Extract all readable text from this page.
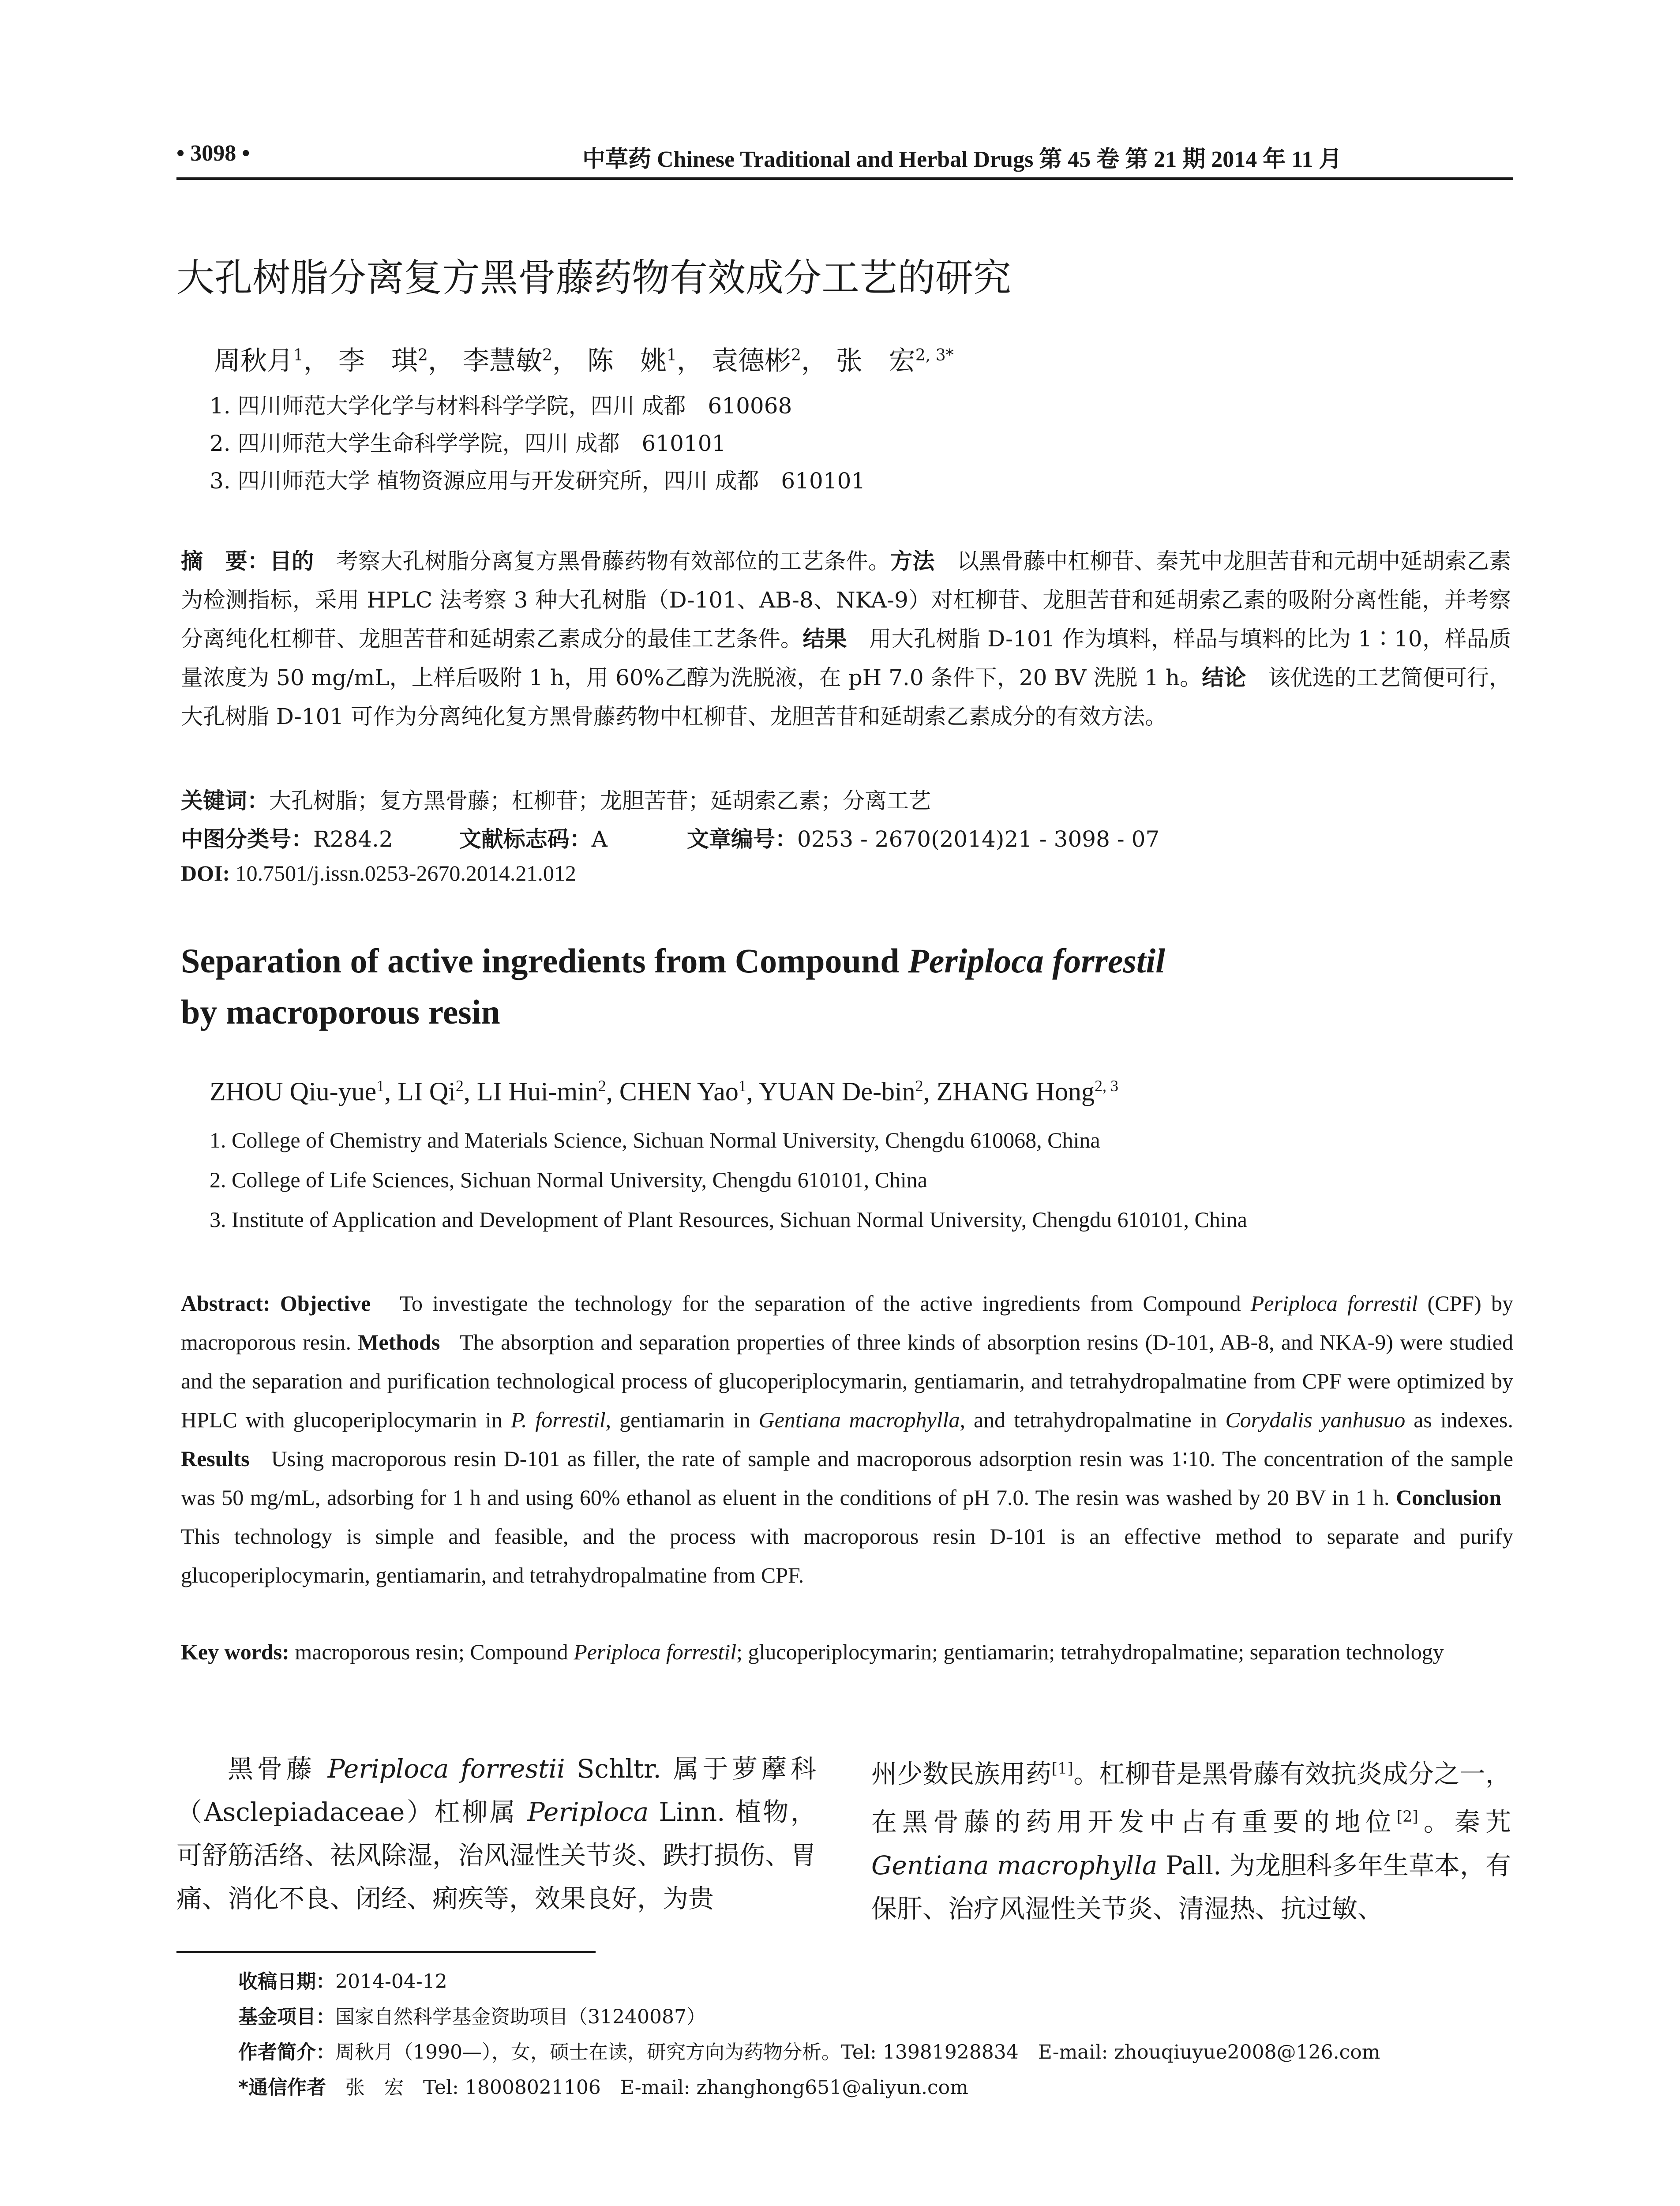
• 3098 •	中草药 Chinese Traditional and Herbal Drugs 第 45 卷 第 21 期 2014 年 11 月
大孔树脂分离复方黑骨藤药物有效成分工艺的研究
周秋月$^1$， 李　琪$^2$， 李慧敏$^2$， 陈　姚$^1$， 袁德彬$^2$， 张　宏$^{2, 3*}$
1. 四川师范大学化学与材料科学学院，四川 成都　610068
2. 四川师范大学生命科学学院，四川 成都　610101
3. 四川师范大学 植物资源应用与开发研究所，四川 成都　610101
摘　要：目的　 考察大孔树脂分离复方黑骨藤药物有效部位的工艺条件。方法　 以黑骨藤中杠柳苷、秦艽中龙胆苦苷和元胡中延胡索乙素为检测指标，采用 HPLC 法考察 3 种大孔树脂（D-101、AB-8、NKA-9）对杠柳苷、龙胆苦苷和延胡索乙素的吸附分离性能，并考察分离纯化杠柳苷、龙胆苦苷和延胡索乙素成分的最佳工艺条件。结果　 用大孔树脂 D-101 作为填料，样品与填料的比为 1∶10，样品质量浓度为 50 mg/mL，上样后吸附 1 h，用 60%乙醇为洗脱液，在 pH 7.0 条件下，20 BV 洗脱 1 h。结论　 该优选的工艺简便可行，大孔树脂 D-101 可作为分离纯化复方黑骨藤药物中杠柳苷、龙胆苦苷和延胡索乙素成分的有效方法。
关键词：大孔树脂；复方黑骨藤；杠柳苷；龙胆苦苷；延胡索乙素；分离工艺
中图分类号：R284.2	文献标志码：A	文章编号：0253 - 2670(2014)21 - 3098 - 07
DOI: 10.7501/j.issn.0253-2670.2014.21.012
Separation of active ingredients from Compound Periploca forrestil
by macroporous resin
ZHOU Qiu-yue$^1$, LI Qi$^2$, LI Hui-$\min^2$, CHEN Yao$^1$, YUAN De-bin$^2$, ZHANG Hong$^{2, 3}$
1. College of Chemistry and Materials Science, Sichuan Normal University, Chengdu 610068, China
2. College of Life Sciences, Sichuan Normal University, Chengdu 610101, China
3. Institute of Application and Development of Plant Resources, Sichuan Normal University, Chengdu 610101, China
Abstract: Objective To investigate the technology for the separation of the active ingredients from Compound Periploca forrestil (CPF) by macroporous resin. Methods The absorption and separation properties of three kinds of absorption resins (D-101, AB-8, and NKA-9) were studied and the separation and purification technological process of glucoperiplocymarin, gentiamarin, and tetrahydropalmatine from CPF were optimized by HPLC with glucoperiplocymarin in P. forrestil, gentiamarin in Gentiana macrophylla, and tetrahydropalmatine in Corydalis yanhusuo as indexes. Results Using macroporous resin D-101 as filler, the rate of sample and macroporous adsorption resin was 1∶10. The concentration of the sample was 50 mg/mL, adsorbing for 1 h and using 60% ethanol as eluent in the conditions of pH 7.0. The resin was washed by 20 BV in 1 h. Conclusion   This technology is simple and feasible, and the process with macroporous resin D-101 is an effective method to separate and purify glucoperiplocymarin, gentiamarin, and tetrahydropalmatine from CPF.
Key words: macroporous resin; Compound Periploca forrestil; glucoperiplocymarin; gentiamarin; tetrahydropalmatine; separation technology
黑骨藤 Periploca forrestii Schltr. 属于萝藦科（Asclepiadaceae）杠柳属 Periploca Linn. 植物，可舒筋活络、祛风除湿，治风湿性关节炎、跌打损伤、胃痛、消化不良、闭经、痢疾等，效果良好，为贵
州少数民族用药[1]。杠柳苷是黑骨藤有效抗炎成分之一，在黑骨藤的药用开发中占有重要的地位[2]。秦艽 Gentiana macrophylla Pall. 为龙胆科多年生草本，有保肝、治疗风湿性关节炎、清湿热、抗过敏、
收稿日期：2014-04-12
基金项目：国家自然科学基金资助项目（31240087）
作者简介：周秋月（1990—），女，硕士在读，研究方向为药物分析。Tel: 13981928834　E-mail: zhouqiuyue2008@126.com
*通信作者　 张　宏　Tel: 18008021106　E-mail: zhanghong651@aliyun.com
